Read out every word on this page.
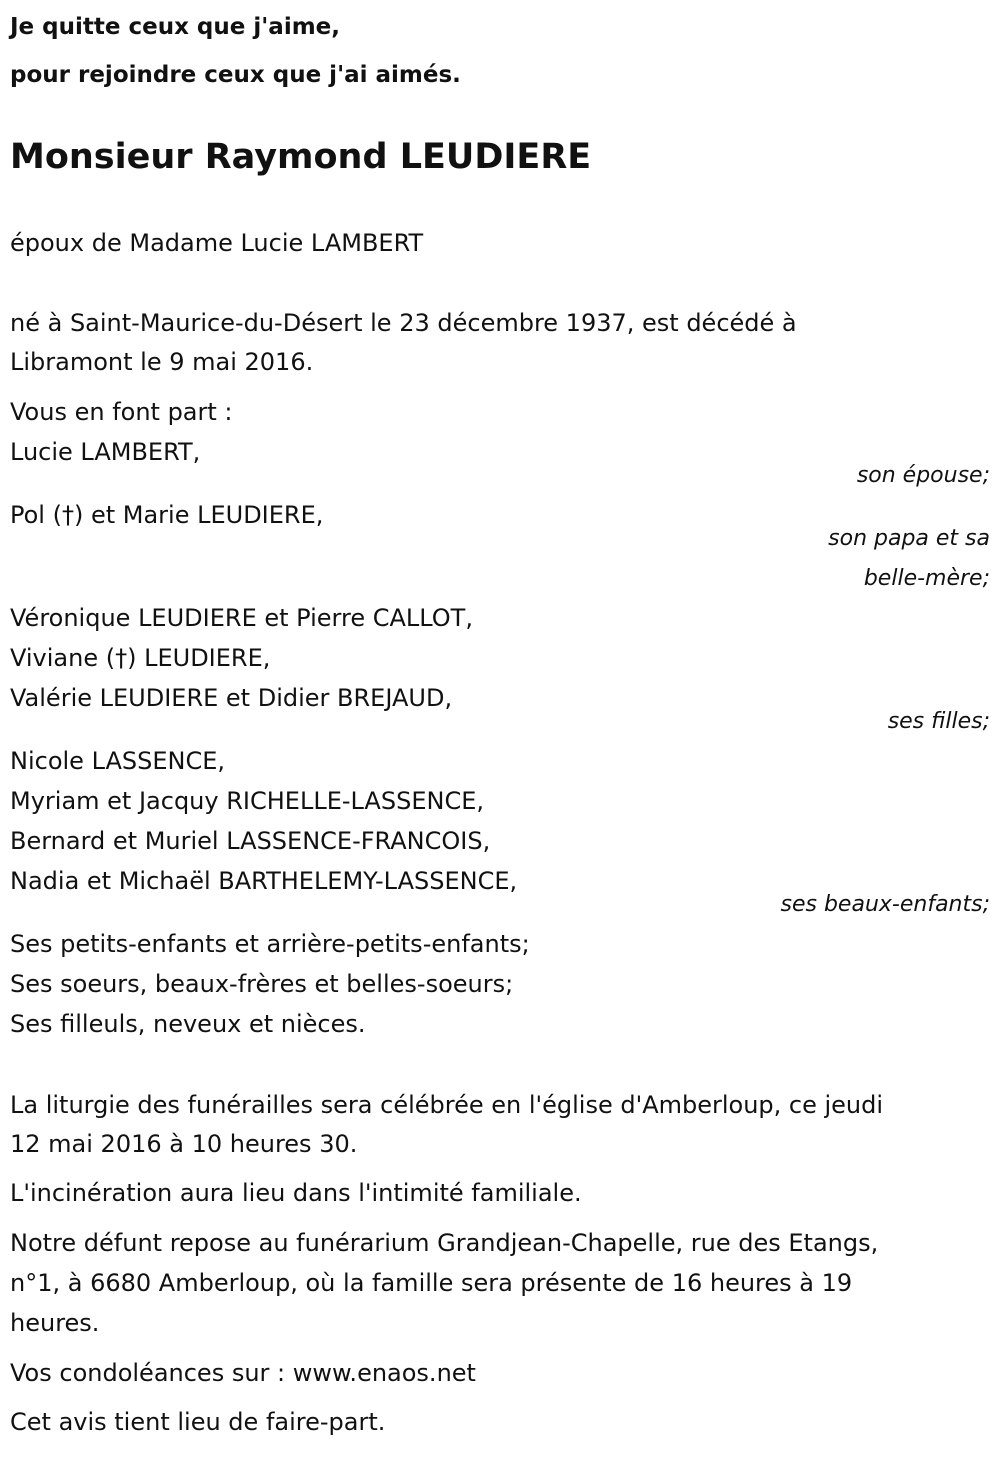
Je quitte ceux que j'aime,
pour rejoindre ceux que j'ai aimés.
Monsieur Raymond LEUDIERE
époux de Madame Lucie LAMBERT
né à Saint-Maurice-du-Désert le 23 décembre 1937, est décédé à
Libramont le 9 mai 2016.
Vous en font part :
Lucie LAMBERT,
son épouse;
Pol (†) et Marie LEUDIERE,
son papa et sa
belle-mère;
Véronique LEUDIERE et Pierre CALLOT,
Viviane (†) LEUDIERE,
Valérie LEUDIERE et Didier BREJAUD,
ses filles;
Nicole LASSENCE,
Myriam et Jacquy RICHELLE-LASSENCE,
Bernard et Muriel LASSENCE-FRANCOIS,
Nadia et Michaël BARTHELEMY-LASSENCE,
ses beaux-enfants;
Ses petits-enfants et arrière-petits-enfants;
Ses soeurs, beaux-frères et belles-soeurs;
Ses filleuls, neveux et nièces.
La liturgie des funérailles sera célébrée en l'église d'Amberloup, ce jeudi
12 mai 2016 à 10 heures 30.
L'incinération aura lieu dans l'intimité familiale.
Notre défunt repose au funérarium Grandjean-Chapelle, rue des Etangs,
n°1, à 6680 Amberloup, où la famille sera présente de 16 heures à 19
heures.
Vos condoléances sur : www.enaos.net
Cet avis tient lieu de faire-part.
